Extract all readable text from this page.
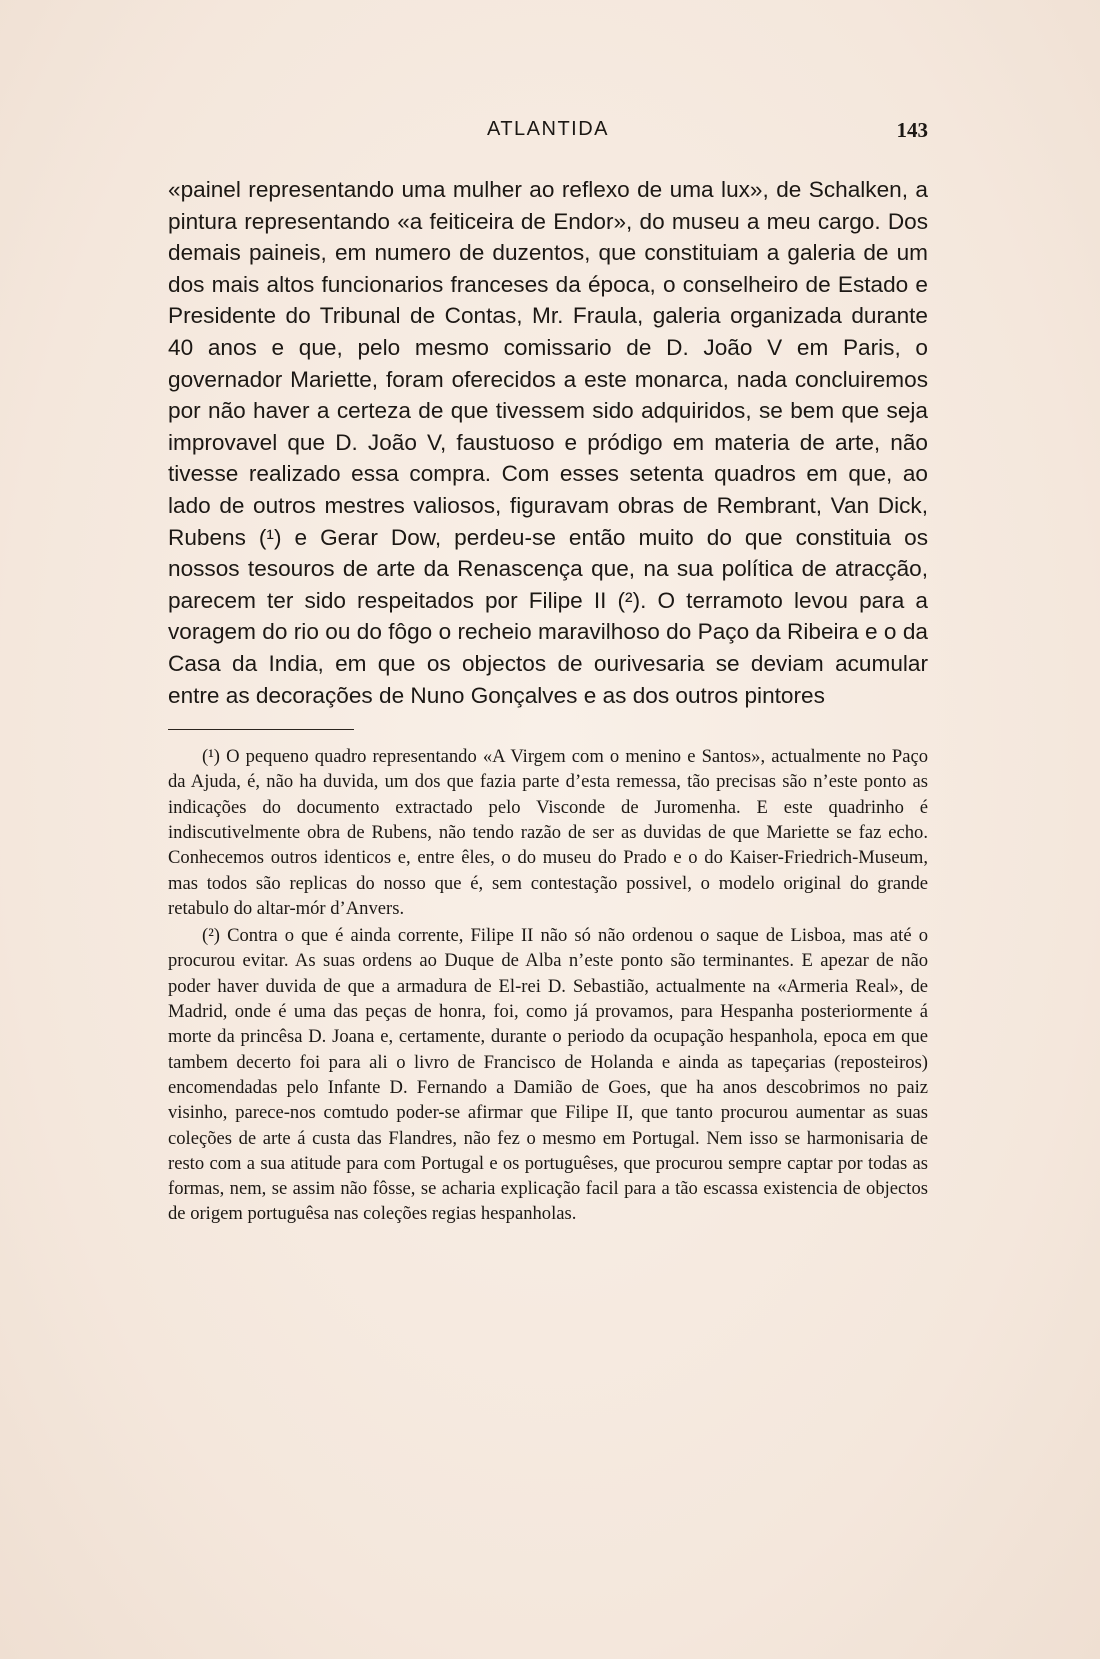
ATLANTIDA	143

«painel representando uma mulher ao reflexo de uma lux», de Schalken, a pintura representando «a feiticeira de Endor», do museu a meu cargo. Dos demais paineis, em numero de duzentos, que constituiam a galeria de um dos mais altos funcionarios franceses da época, o conselheiro de Estado e Presidente do Tribunal de Contas, Mr. Fraula, galeria organizada durante 40 anos e que, pelo mesmo comissario de D. João V em Paris, o governador Mariette, foram oferecidos a este monarca, nada concluiremos por não haver a certeza de que tivessem sido adquiridos, se bem que seja improvavel que D. João V, faustuoso e pródigo em materia de arte, não tivesse realizado essa compra. Com esses setenta quadros em que, ao lado de outros mestres valiosos, figuravam obras de Rembrant, Van Dick, Rubens (¹) e Gerar Dow, perdeu-se então muito do que constituia os nossos tesouros de arte da Renascença que, na sua política de atracção, parecem ter sido respeitados por Filipe II (²). O terramoto levou para a voragem do rio ou do fôgo o recheio maravilhoso do Paço da Ribeira e o da Casa da India, em que os objectos de ourivesaria se deviam acumular entre as decorações de Nuno Gonçalves e as dos outros pintores

(¹) O pequeno quadro representando «A Virgem com o menino e Santos», actualmente no Paço da Ajuda, é, não ha duvida, um dos que fazia parte d’esta remessa, tão precisas são n’este ponto as indicações do documento extractado pelo Visconde de Juromenha. E este quadrinho é indiscutivelmente obra de Rubens, não tendo razão de ser as duvidas de que Mariette se faz echo. Conhecemos outros identicos e, entre êles, o do museu do Prado e o do Kaiser-Friedrich-Museum, mas todos são replicas do nosso que é, sem contestação possivel, o modelo original do grande retabulo do altar-mór d’Anvers.

(²) Contra o que é ainda corrente, Filipe II não só não ordenou o saque de Lisboa, mas até o procurou evitar. As suas ordens ao Duque de Alba n’este ponto são terminantes. E apezar de não poder haver duvida de que a armadura de El-rei D. Sebastião, actualmente na «Armeria Real», de Madrid, onde é uma das peças de honra, foi, como já provamos, para Hespanha posteriormente á morte da princêsa D. Joana e, certamente, durante o periodo da ocupação hespanhola, epoca em que tambem decerto foi para ali o livro de Francisco de Holanda e ainda as tapeçarias (reposteiros) encomendadas pelo Infante D. Fernando a Damião de Goes, que ha anos descobrimos no paiz visinho, parece-nos comtudo poder-se afirmar que Filipe II, que tanto procurou aumentar as suas coleções de arte á custa das Flandres, não fez o mesmo em Portugal. Nem isso se harmonisaria de resto com a sua atitude para com Portugal e os portuguêses, que procurou sempre captar por todas as formas, nem, se assim não fôsse, se acharia explicação facil para a tão escassa existencia de objectos de origem portuguêsa nas coleções regias hespanholas.
